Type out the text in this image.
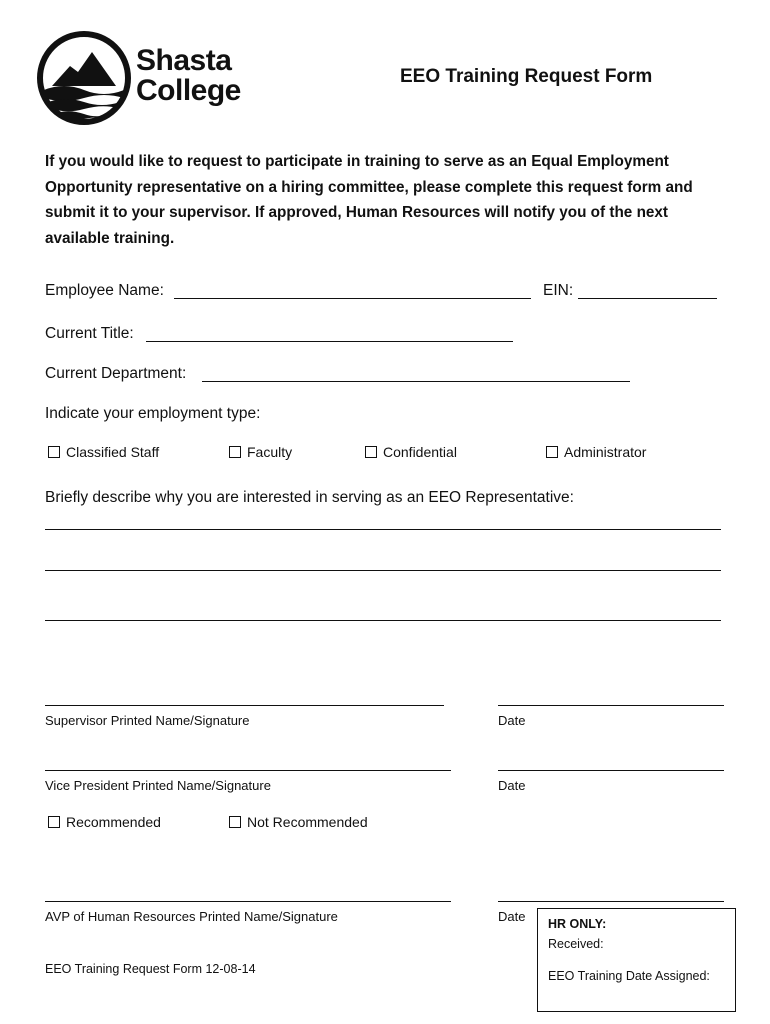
Shasta
College	EEO Training Request Form
If you would like to request to participate in training to serve as an Equal Employment Opportunity representative on a hiring committee, please complete this request form and submit it to your supervisor. If approved, Human Resources will notify you of the next available training.
Employee Name:	EIN:
Current Title:
Current Department:
Indicate your employment type:
Classified Staff	Faculty	Confidential	Administrator
Briefly describe why you are interested in serving as an EEO Representative:
Supervisor Printed Name/Signature	Date
Vice President Printed Name/Signature	Date
Recommended	Not Recommended
AVP of Human Resources Printed Name/Signature	Date HR ONLY:
Received:
EEO Training Date Assigned:
EEO Training Request Form 12-08-14
